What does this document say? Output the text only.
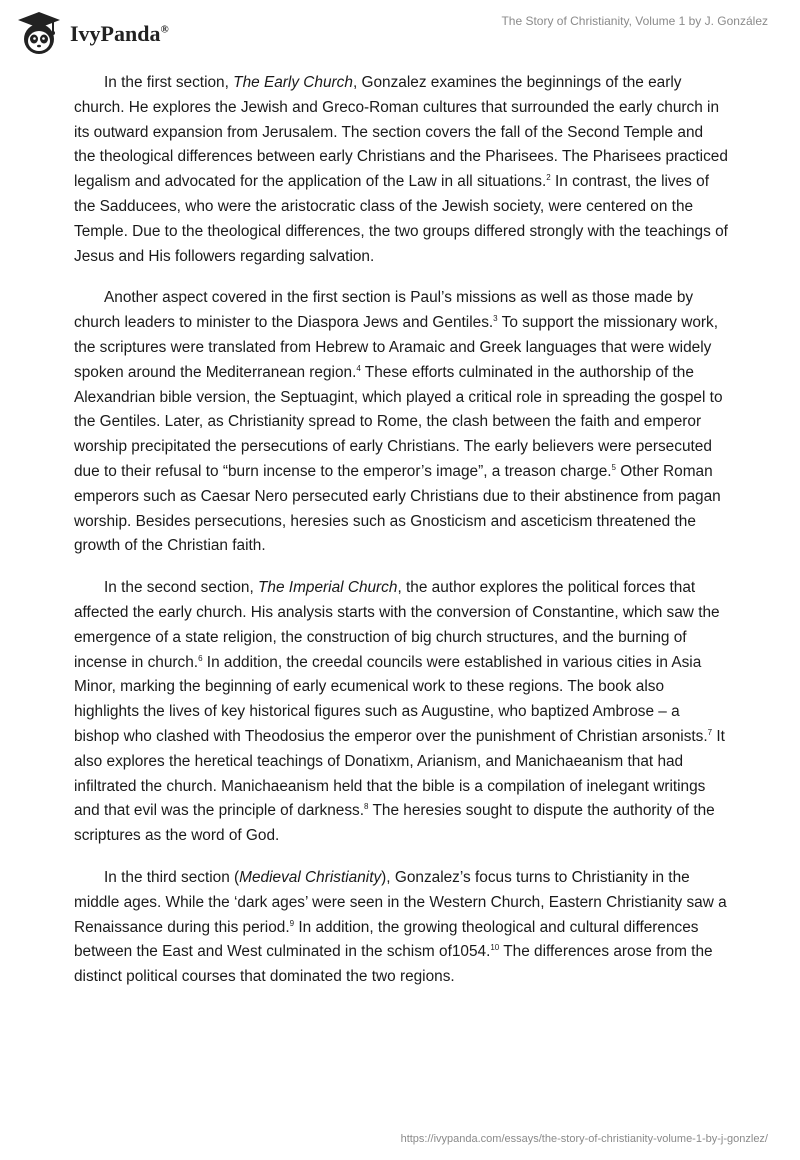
IvyPanda®
The Story of Christianity, Volume 1 by J. González

In the first section, The Early Church, Gonzalez examines the beginnings of the early church. He explores the Jewish and Greco-Roman cultures that surrounded the early church in its outward expansion from Jerusalem. The section covers the fall of the Second Temple and the theological differences between early Christians and the Pharisees. The Pharisees practiced legalism and advocated for the application of the Law in all situations.$^2$ In contrast, the lives of the Sadducees, who were the aristocratic class of the Jewish society, were centered on the Temple. Due to the theological differences, the two groups differed strongly with the teachings of Jesus and His followers regarding salvation.

Another aspect covered in the first section is Paul’s missions as well as those made by church leaders to minister to the Diaspora Jews and Gentiles.$^3$ To support the missionary work, the scriptures were translated from Hebrew to Aramaic and Greek languages that were widely spoken around the Mediterranean region.$^4$ These efforts culminated in the authorship of the Alexandrian bible version, the Septuagint, which played a critical role in spreading the gospel to the Gentiles. Later, as Christianity spread to Rome, the clash between the faith and emperor worship precipitated the persecutions of early Christians. The early believers were persecuted due to their refusal to “burn incense to the emperor’s image”, a treason charge.$^5$ Other Roman emperors such as Caesar Nero persecuted early Christians due to their abstinence from pagan worship. Besides persecutions, heresies such as Gnosticism and asceticism threatened the growth of the Christian faith.

In the second section, The Imperial Church, the author explores the political forces that affected the early church. His analysis starts with the conversion of Constantine, which saw the emergence of a state religion, the construction of big church structures, and the burning of incense in church.$^6$ In addition, the creedal councils were established in various cities in Asia Minor, marking the beginning of early ecumenical work to these regions. The book also highlights the lives of key historical figures such as Augustine, who baptized Ambrose – a bishop who clashed with Theodosius the emperor over the punishment of Christian arsonists.$^7$ It also explores the heretical teachings of Donatixm, Arianism, and Manichaeanism that had infiltrated the church. Manichaeanism held that the bible is a compilation of inelegant writings and that evil was the principle of darkness.$^8$ The heresies sought to dispute the authority of the scriptures as the word of God.

In the third section (Medieval Christianity), Gonzalez’s focus turns to Christianity in the middle ages. While the ‘dark ages’ were seen in the Western Church, Eastern Christianity saw a Renaissance during this period.$^9$ In addition, the growing theological and cultural differences between the East and West culminated in the schism of1054.10 The differences arose from the distinct political courses that dominated the two regions.

https://ivypanda.com/essays/the-story-of-christianity-volume-1-by-j-gonzlez/
